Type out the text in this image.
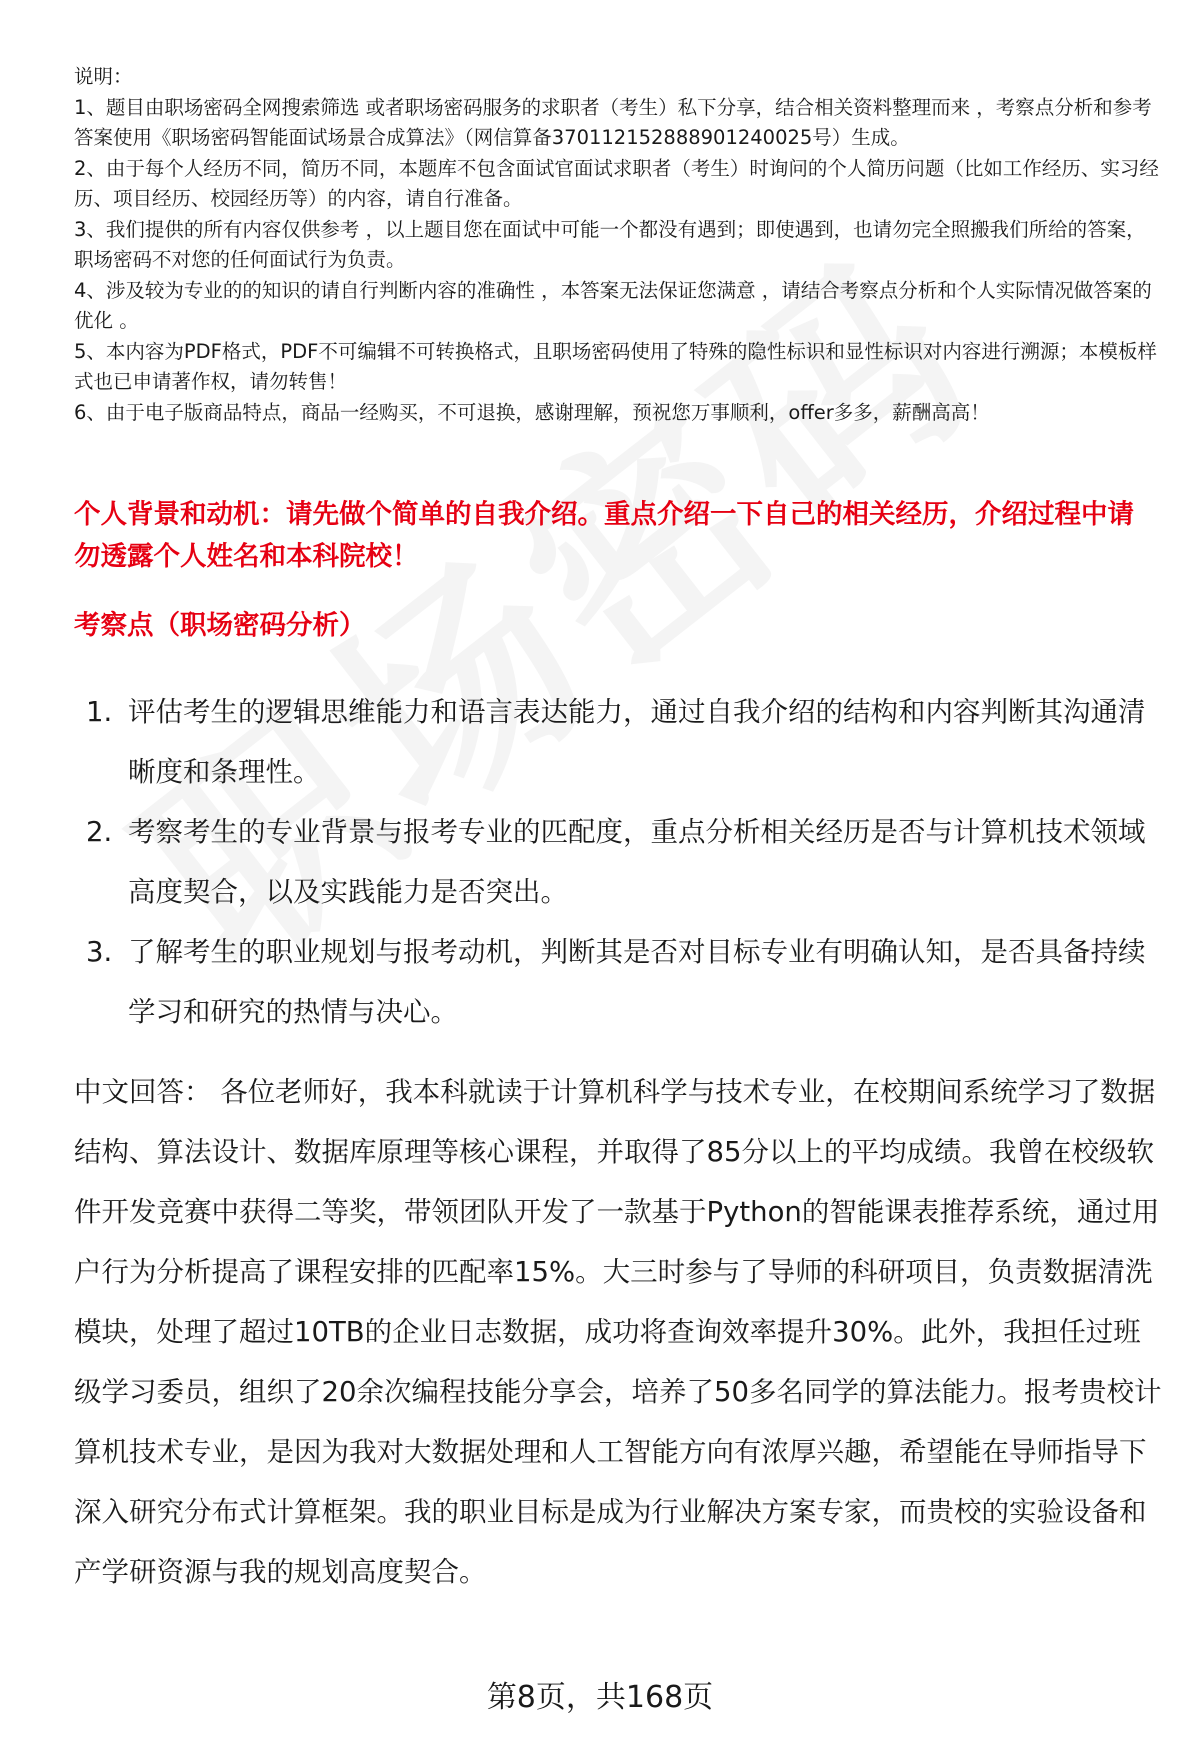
说明：

1、题目由职场密码全网搜索筛选 或者职场密码服务的求职者（考生）私下分享，结合相关资料整理而来 ，考察点分析和参考答案使用《职场密码智能面试场景合成算法》（网信算备370112152888901240025号）生成。

2、由于每个人经历不同，简历不同，本题库不包含面试官面试求职者（考生）时询问的个人简历问题（比如工作经历、实习经历、项目经历、校园经历等）的内容，请自行准备。

3、我们提供的所有内容仅供参考 ，以上题目您在面试中可能一个都没有遇到；即使遇到，也请勿完全照搬我们所给的答案，职场密码不对您的任何面试行为负责。

4、涉及较为专业的的知识的请自行判断内容的准确性 ，本答案无法保证您满意 ，请结合考察点分析和个人实际情况做答案的优化 。

5、本内容为PDF格式，PDF不可编辑不可转换格式，且职场密码使用了特殊的隐性标识和显性标识对内容进行溯源；本模板样式也已申请著作权，请勿转售！

6、由于电子版商品特点，商品一经购买，不可退换，感谢理解，预祝您万事顺利，offer多多，薪酬高高！

个人背景和动机：请先做个简单的自我介绍。重点介绍一下自己的相关经历，介绍过程中请勿透露个人姓名和本科院校！
考察点（职场密码分析）
1. 评估考生的逻辑思维能力和语言表达能力，通过自我介绍的结构和内容判断其沟通清晰度和条理性。
2. 考察考生的专业背景与报考专业的匹配度，重点分析相关经历是否与计算机技术领域高度契合，以及实践能力是否突出。
3. 了解考生的职业规划与报考动机，判断其是否对目标专业有明确认知，是否具备持续学习和研究的热情与决心。

中文回答： 各位老师好，我本科就读于计算机科学与技术专业，在校期间系统学习了数据结构、算法设计、数据库原理等核心课程，并取得了85分以上的平均成绩。我曾在校级软件开发竞赛中获得二等奖，带领团队开发了一款基于Python的智能课表推荐系统，通过用户行为分析提高了课程安排的匹配率15%。大三时参与了导师的科研项目，负责数据清洗模块，处理了超过10TB的企业日志数据，成功将查询效率提升30%。此外，我担任过班级学习委员，组织了20余次编程技能分享会，培养了50多名同学的算法能力。报考贵校计算机技术专业，是因为我对大数据处理和人工智能方向有浓厚兴趣，希望能在导师指导下深入研究分布式计算框架。我的职业目标是成为行业解决方案专家，而贵校的实验设备和产学研资源与我的规划高度契合。

第8页，共168页
